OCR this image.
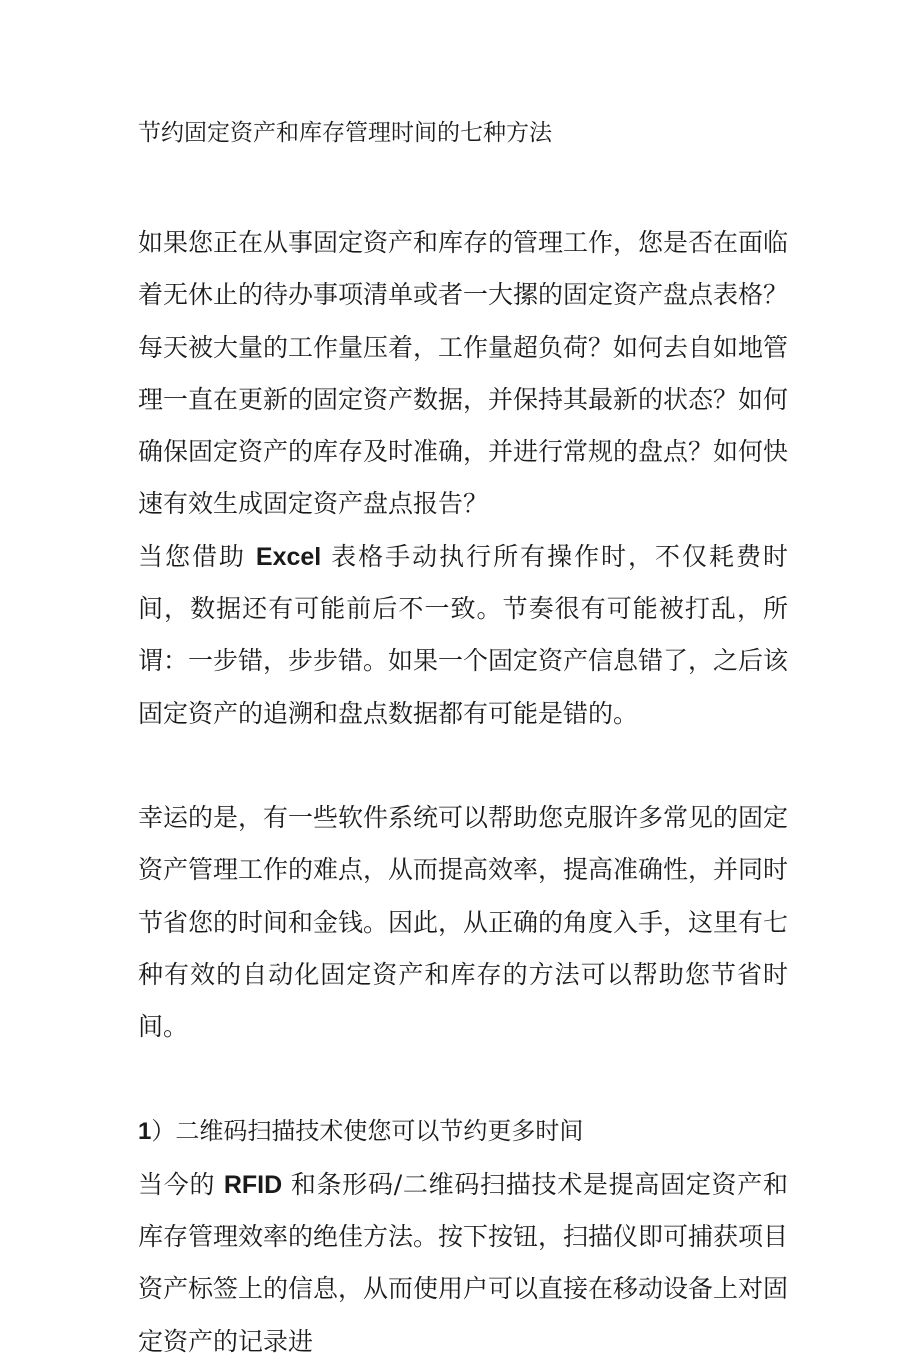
节约固定资产和库存管理时间的七种方法

如果您正在从事固定资产和库存的管理工作，您是否在面临着无休止的待办事项清单或者一大摞的固定资产盘点表格？每天被大量的工作量压着，工作量超负荷？如何去自如地管理一直在更新的固定资产数据，并保持其最新的状态？如何确保固定资产的库存及时准确，并进行常规的盘点？如何快速有效生成固定资产盘点报告？

当您借助 Excel 表格手动执行所有操作时，不仅耗费时间，数据还有可能前后不一致。节奏很有可能被打乱，所谓：一步错，步步错。如果一个固定资产信息错了，之后该固定资产的追溯和盘点数据都有可能是错的。

幸运的是，有一些软件系统可以帮助您克服许多常见的固定资产管理工作的难点，从而提高效率，提高准确性，并同时节省您的时间和金钱。因此，从正确的角度入手，这里有七种有效的自动化固定资产和库存的方法可以帮助您节省时间。

1）二维码扫描技术使您可以节约更多时间

当今的 RFID 和条形码/二维码扫描技术是提高固定资产和库存管理效率的绝佳方法。按下按钮，扫描仪即可捕获项目资产标签上的信息，从而使用户可以直接在移动设备上对固定资产的记录进
